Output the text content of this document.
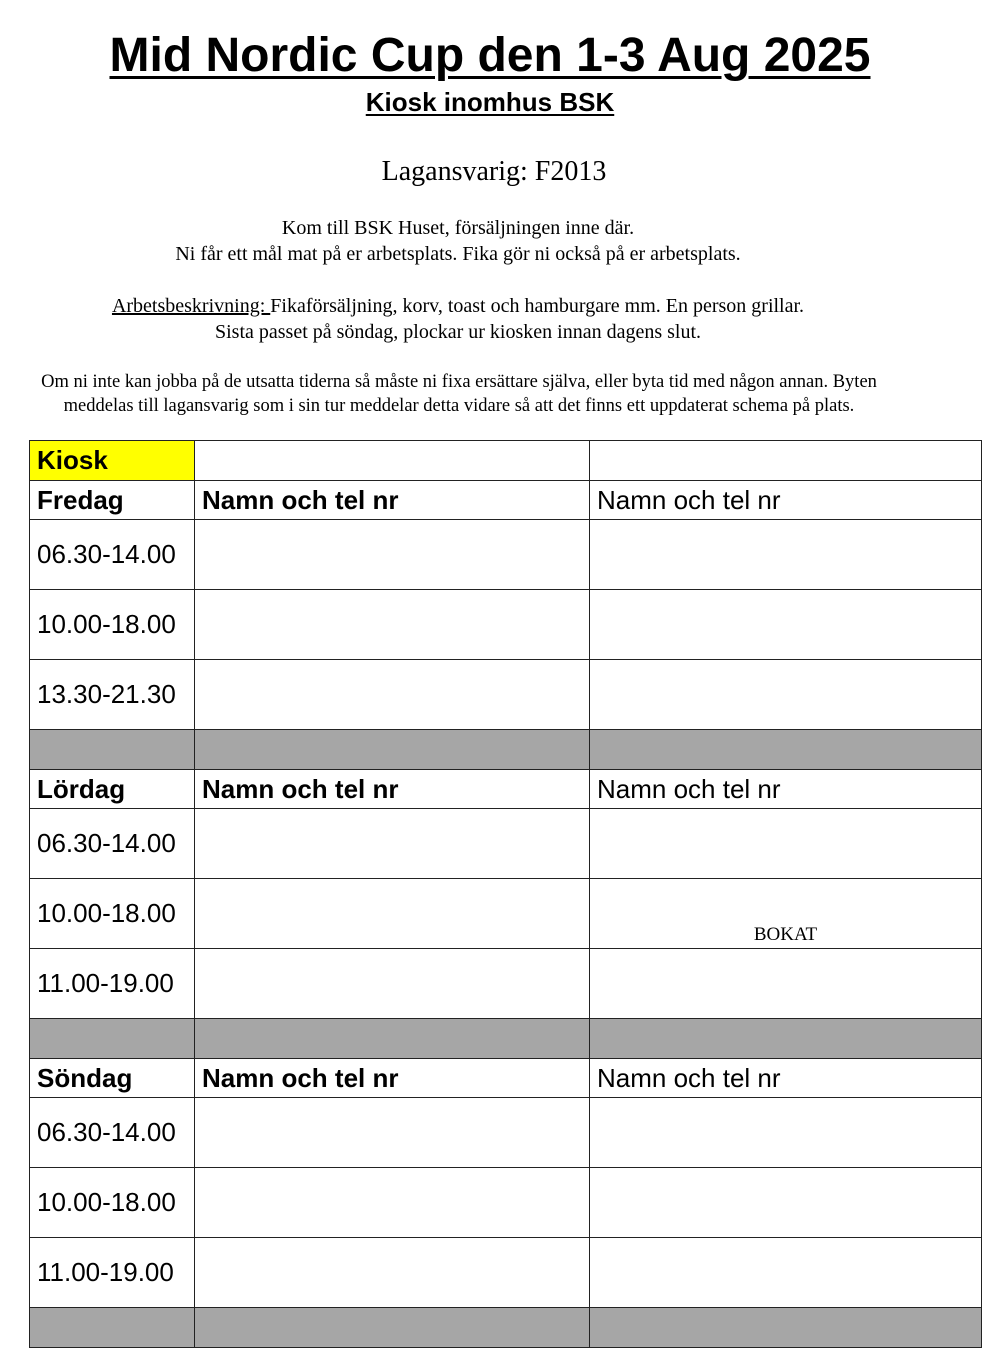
Mid Nordic Cup den 1-3 Aug 2025
Kiosk inomhus BSK
Lagansvarig: F2013
Kom till BSK Huset, försäljningen inne där.
Ni får ett mål mat på er arbetsplats. Fika gör ni också på er arbetsplats.
Arbetsbeskrivning: Fikaförsäljning, korv, toast och hamburgare mm. En person grillar.
Sista passet på söndag, plockar ur kiosken innan dagens slut.
Om ni inte kan jobba på de utsatta tiderna så måste ni fixa ersättare själva, eller byta tid med någon annan. Byten
meddelas till lagansvarig som i sin tur meddelar detta vidare så att det finns ett uppdaterat schema på plats.
Kiosk		
Fredag	Namn och tel nr	Namn och tel nr

06.30-14.00		

10.00-18.00		

13.30-21.30		

Lördag	Namn och tel nr	Namn och tel nr

06.30-14.00		

10.00-18.00		BOKAT

11.00-19.00		

Söndag	Namn och tel nr	Namn och tel nr

06.30-14.00		

10.00-18.00		

11.00-19.00		
